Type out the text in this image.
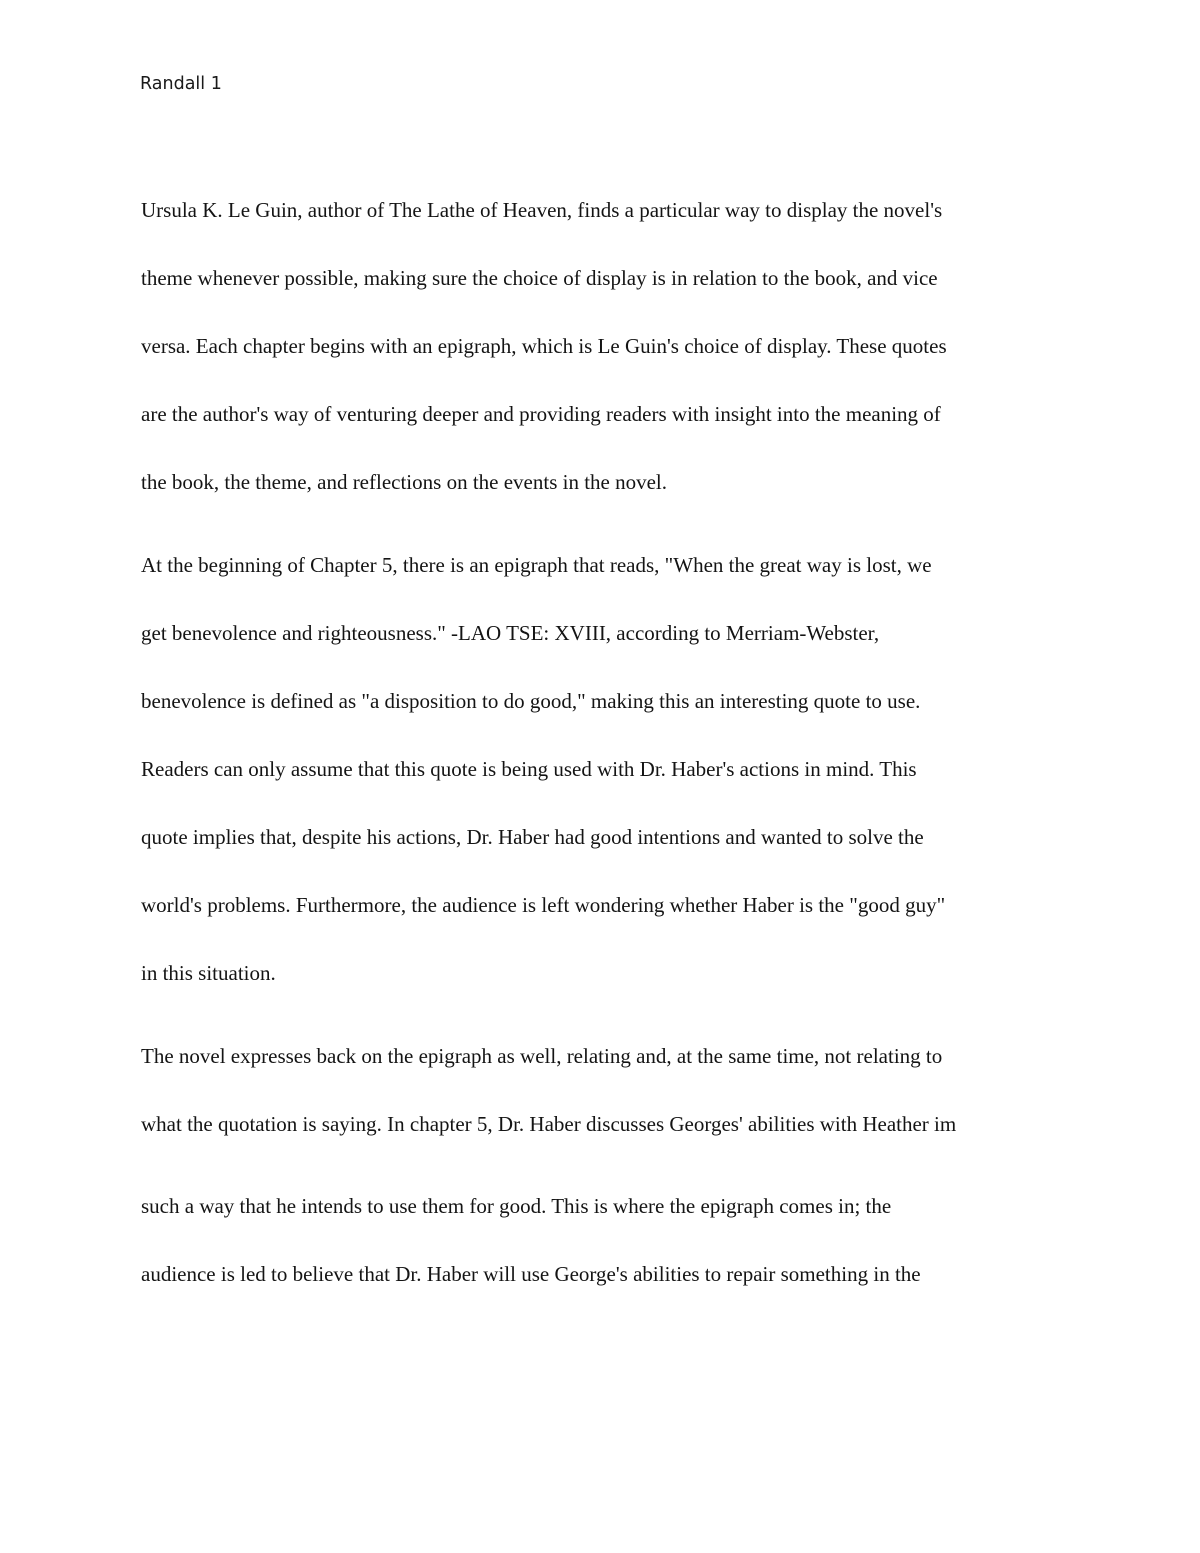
Randall 1
Ursula K. Le Guin, author of The Lathe of Heaven, finds a particular way to display the novel's
theme whenever possible, making sure the choice of display is in relation to the book, and vice
versa. Each chapter begins with an epigraph, which is Le Guin's choice of display. These quotes
are the author's way of venturing deeper and providing readers with insight into the meaning of
the book, the theme, and reflections on the events in the novel.
At the beginning of Chapter 5, there is an epigraph that reads, "When the great way is lost, we
get benevolence and righteousness." -LAO TSE: XVIII, according to Merriam-Webster,
benevolence is defined as "a disposition to do good," making this an interesting quote to use.
Readers can only assume that this quote is being used with Dr. Haber's actions in mind. This
quote implies that, despite his actions, Dr. Haber had good intentions and wanted to solve the
world's problems. Furthermore, the audience is left wondering whether Haber is the "good guy"
in this situation.
The novel expresses back on the epigraph as well, relating and, at the same time, not relating to
what the quotation is saying. In chapter 5, Dr. Haber discusses Georges' abilities with Heather im
such a way that he intends to use them for good. This is where the epigraph comes in; the
audience is led to believe that Dr. Haber will use George's abilities to repair something in the
